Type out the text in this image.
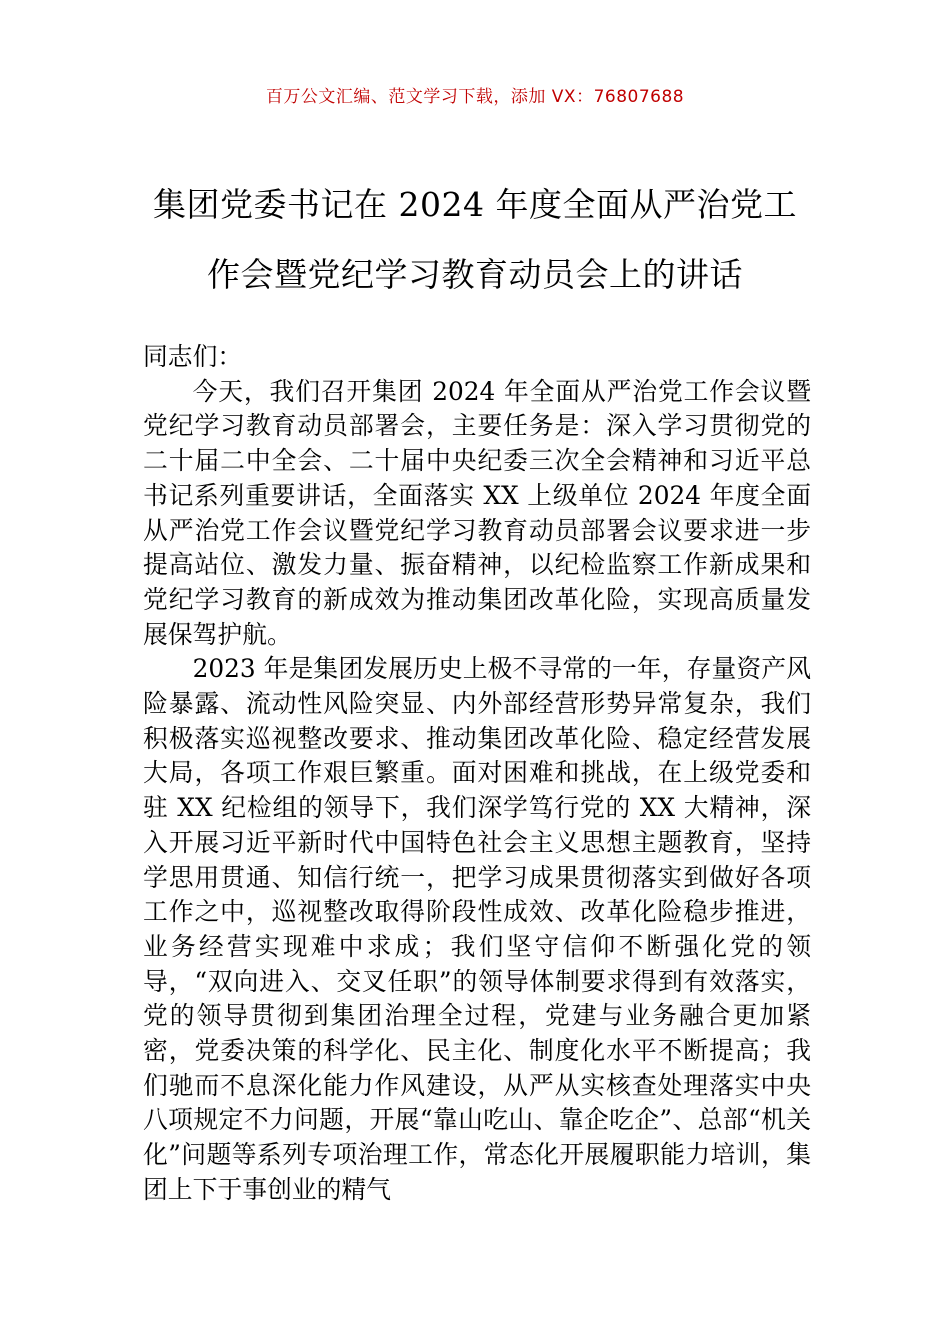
百万公文汇编、范文学习下载，添加 VX：76807688
集团党委书记在 2024 年度全面从严治党工
作会暨党纪学习教育动员会上的讲话

同志们：

今天，我们召开集团 2024 年全面从严治党工作会议暨党纪学习教育动员部署会，主要任务是：深入学习贯彻党的二十届二中全会、二十届中央纪委三次全会精神和习近平总书记系列重要讲话，全面落实 XX 上级单位 2024 年度全面从严治党工作会议暨党纪学习教育动员部署会议要求进一步提高站位、激发力量、振奋精神，以纪检监察工作新成果和党纪学习教育的新成效为推动集团改革化险，实现高质量发展保驾护航。

2023 年是集团发展历史上极不寻常的一年，存量资产风险暴露、流动性风险突显、内外部经营形势异常复杂，我们积极落实巡视整改要求、推动集团改革化险、稳定经营发展大局，各项工作艰巨繁重。面对困难和挑战，在上级党委和驻 XX 纪检组的领导下，我们深学笃行党的 XX 大精神，深入开展习近平新时代中国特色社会主义思想主题教育，坚持学思用贯通、知信行统一，把学习成果贯彻落实到做好各项工作之中，巡视整改取得阶段性成效、改革化险稳步推进，业务经营实现难中求成；我们坚守信仰不断强化党的领导，“双向进入、交叉任职”的领导体制要求得到有效落实，党的领导贯彻到集团治理全过程，党建与业务融合更加紧密，党委决策的科学化、民主化、制度化水平不断提高；我们驰而不息深化能力作风建设，从严从实核查处理落实中央八项规定不力问题，开展“靠山吃山、靠企吃企”、总部“机关化”问题等系列专项治理工作，常态化开展履职能力培训，集团上下于事创业的精气
